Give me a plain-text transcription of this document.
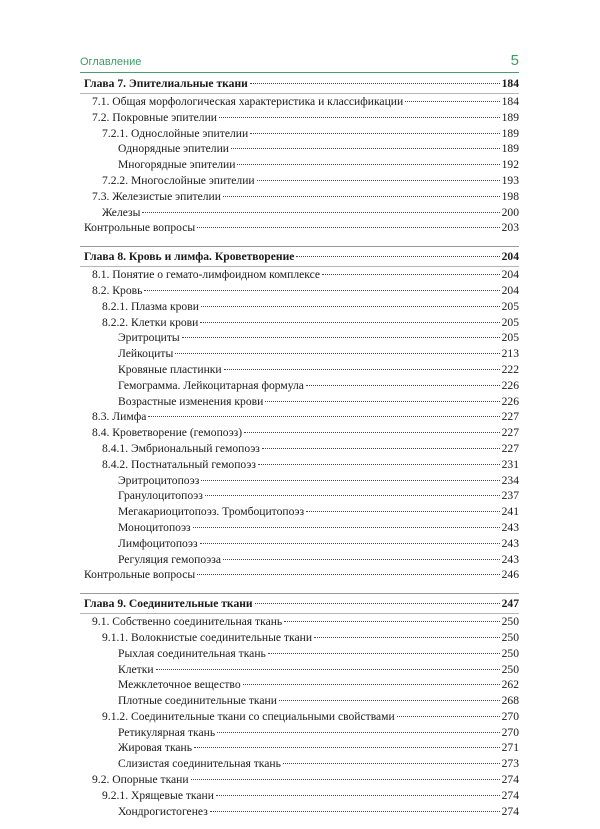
Оглавление	5
Глава 7. Эпителиальные ткани	184
7.1. Общая морфологическая характеристика и классификации	184
7.2. Покровные эпителии	189
7.2.1. Однослойные эпителии	189
Однорядные эпителии	189
Многорядные эпителии	192
7.2.2. Многослойные эпителии	193
7.3. Железистые эпителии	198
Железы	200
Контрольные вопросы	203
Глава 8. Кровь и лимфа. Кроветворение	204
8.1. Понятие о гемато-лимфоидном комплексе	204
8.2. Кровь	204
8.2.1. Плазма крови	205
8.2.2. Клетки крови	205
Эритроциты	205
Лейкоциты	213
Кровяные пластинки	222
Гемограмма. Лейкоцитарная формула	226
Возрастные изменения крови	226
8.3. Лимфа	227
8.4. Кроветворение (гемопоэз)	227
8.4.1. Эмбриональный гемопоэз	227
8.4.2. Постнатальный гемопоэз	231
Эритроцитопоэз	234
Гранулоцитопоэз	237
Мегакариоцитопоэз. Тромбоцитопоэз	241
Моноцитопоэз	243
Лимфоцитопоэз	243
Регуляция гемопоэза	243
Контрольные вопросы	246
Глава 9. Соединительные ткани	247
9.1. Собственно соединительная ткань	250
9.1.1. Волокнистые соединительные ткани	250
Рыхлая соединительная ткань	250
Клетки	250
Межклеточное вещество	262
Плотные соединительные ткани	268
9.1.2. Соединительные ткани со специальными свойствами	270
Ретикулярная ткань	270
Жировая ткань	271
Слизистая соединительная ткань	273
9.2. Опорные ткани	274
9.2.1. Хрящевые ткани	274
Хондрогистогенез	274
